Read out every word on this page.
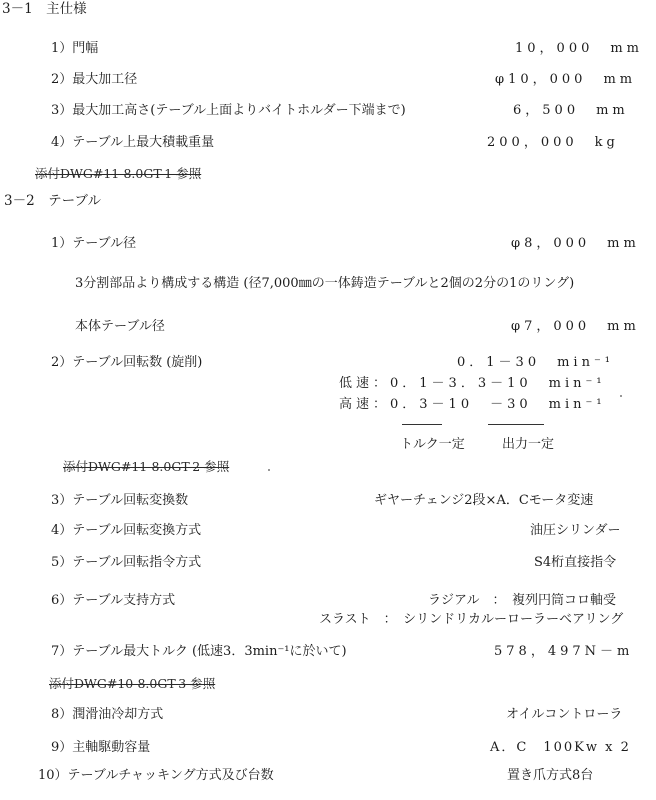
3－1　主仕様
1）門幅	10，000　mm
2）最大加工径	φ10，000　mm
3）最大加工高さ(テーブル上面よりバイトホルダー下端まで)	6，500　mm
4）テーブル上最大積載重量	200，000　kg
添付DWG#11-8.0GT-1 参照
3－2　テーブル
1）テーブル径	φ8，000　mm
3分割部品より構成する構造 (径7,000㎜の一体鋳造テーブルと2個の2分の1のリング)
本体テーブル径	φ7，000　mm
2）テーブル回転数 (旋削)	0．1－30　min⁻¹
低速：0．1－3．3－10　min⁻¹
高速：0．3－10　－30　min⁻¹
トルク一定	出力一定
添付DWG#11-8.0GT-2 参照
3）テーブル回転変換数	ギヤーチェンジ2段×A．Cモータ変速
4）テーブル回転変換方式	油圧シリンダー
5）テーブル回転指令方式	S4桁直接指令
6）テーブル支持方式	ラジアル　：　複列円筒コロ軸受
スラスト　：　シリンドリカルーローラーベアリング
7）テーブル最大トルク (低速3．3min⁻¹に於いて)	578，497N－m
添付DWG#10-8.0GT-3 参照
8）潤滑油冷却方式	オイルコントローラ
9）主軸駆動容量	A．C　100Kw x 2
10）テーブルチャッキング方式及び台数	置き爪方式8台
